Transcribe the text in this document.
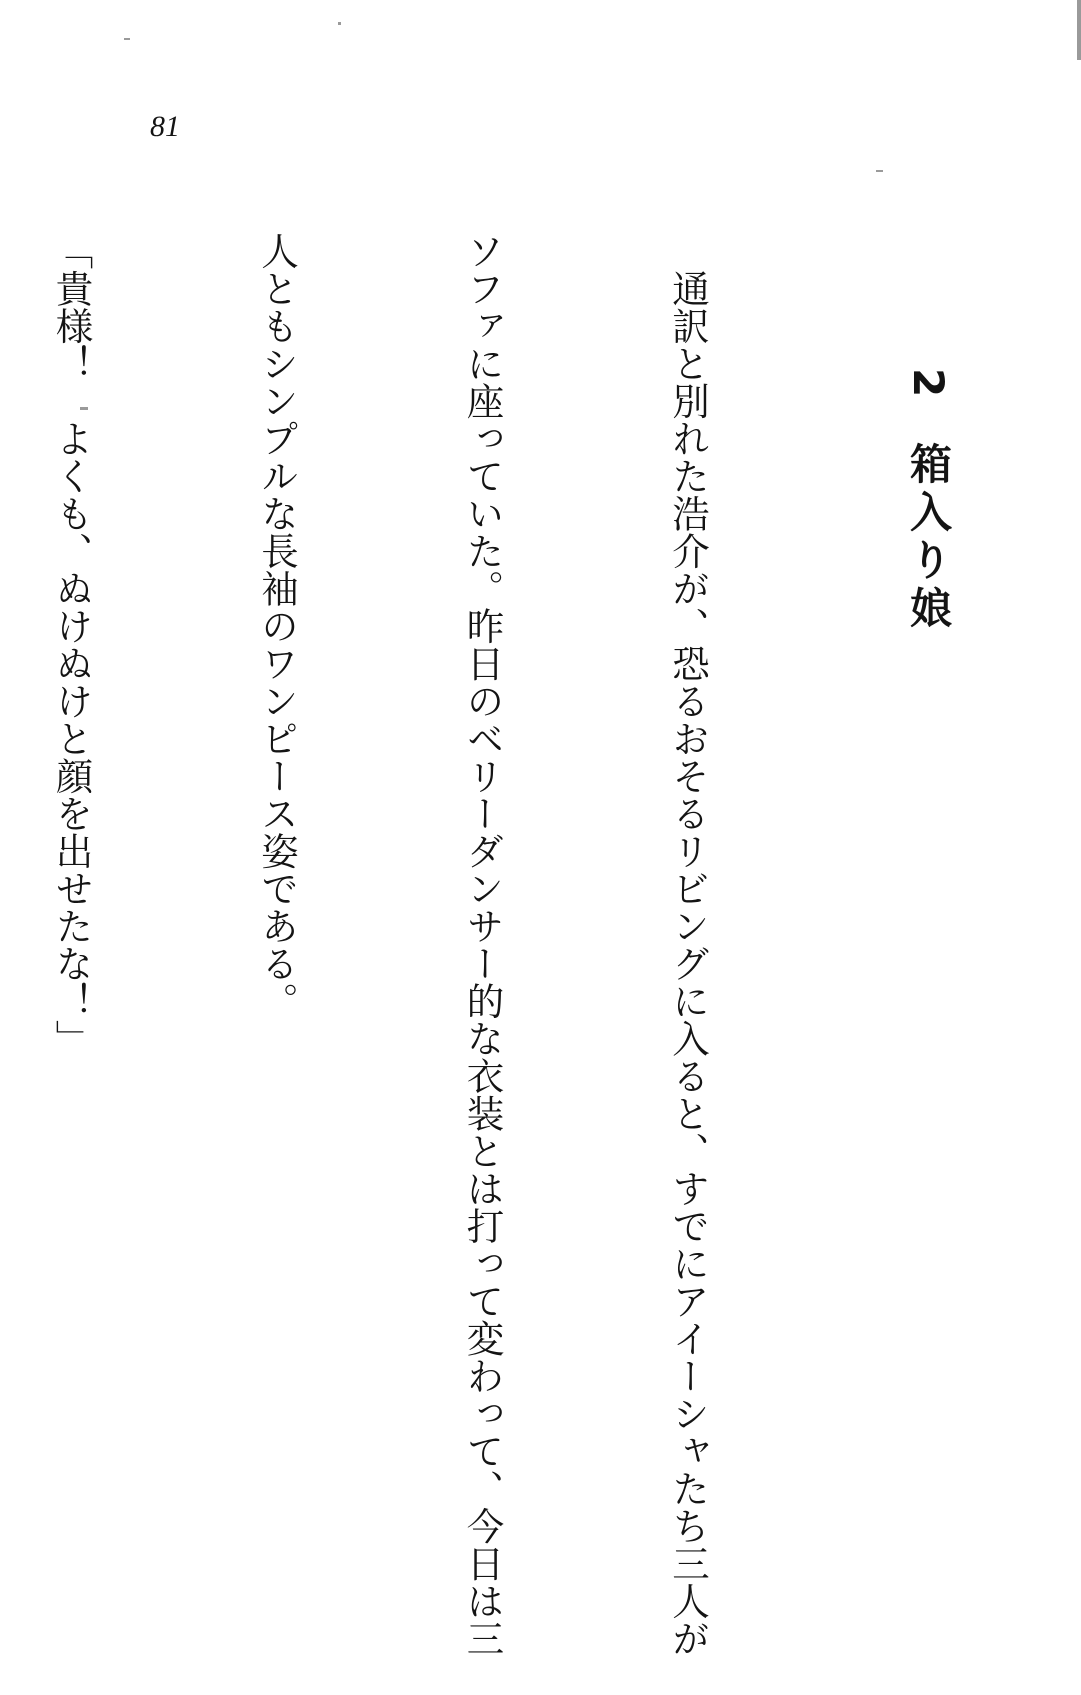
81
2 箱入り娘

　通訳と別れた浩介が、恐るおそるリビングに入ると、すでにアイーシャたち三人が

ソファに座っていた。昨日のベリーダンサー的な衣装とは打って変わって、今日は三

人ともシンプルな長袖のワンピース姿である。

「貴様！　よくも、ぬけぬけと顔を出せたな！」
